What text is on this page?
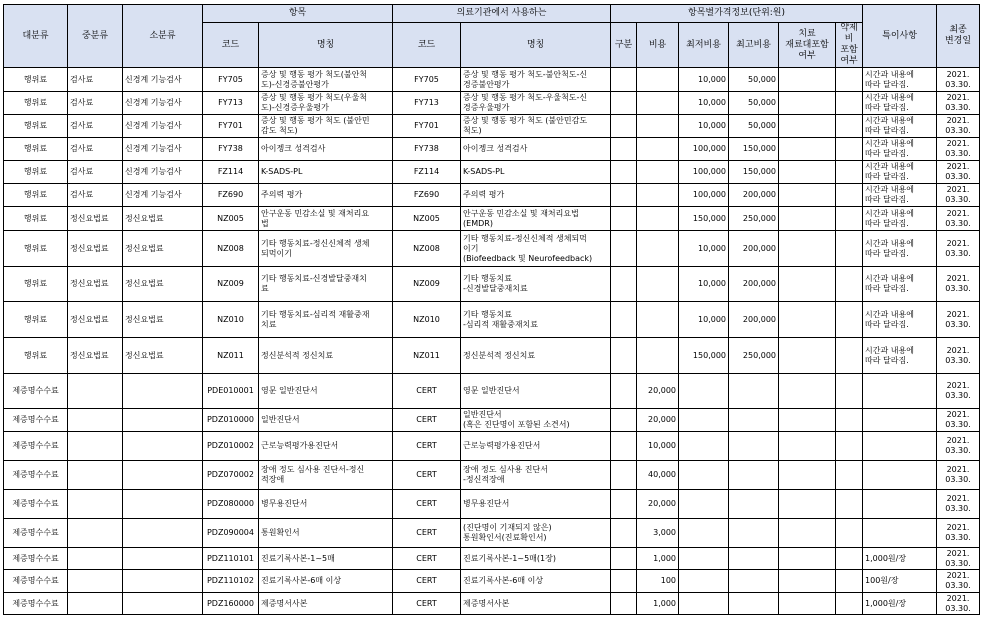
대분류	중분류	소분류	항목		의료기관에서 사용하는		항목별가격정보(단위:원)						특이사항	최종
변경일
			코드	명칭	코드	명칭	구분	비용	최저비용	최고비용	치료
재료대포함
여부	약제비
포함
여부		
행위료	검사료	신경계 기능검사	FY705	증상 및 행동 평가 척도(불안척
도)-신경증불안평가	FY705	증상 및 행동 평가 척도-불안척도-신
경증불안평가			10,000	50,000			시간과 내용에
따라 달라짐.	2021.
03.30.
행위료	검사료	신경계 기능검사	FY713	증상 및 행동 평가 척도(우울척
도)-신경증우울평가	FY713	증상 및 행동 평가 척도-우울척도-신
경증우울평가			10,000	50,000			시간과 내용에
따라 달라짐.	2021.
03.30.
행위료	검사료	신경계 기능검사	FY701	증상 및 행동 평가 척도 (불안민
감도 척도)	FY701	증상 및 행동 평가 척도 (불안민감도
척도)			10,000	50,000			시간과 내용에
따라 달라짐.	2021.
03.30.
행위료	검사료	신경계 기능검사	FY738	아이젱크 성격검사	FY738	아이젱크 성격검사			100,000	150,000			시간과 내용에
따라 달라짐.	2021.
03.30.
행위료	검사료	신경계 기능검사	FZ114	K-SADS-PL	FZ114	K-SADS-PL			100,000	150,000			시간과 내용에
따라 달라짐.	2021.
03.30.
행위료	검사료	신경계 기능검사	FZ690	주의력 평가	FZ690	주의력 평가			100,000	200,000			시간과 내용에
따라 달라짐.	2021.
03.30.
행위료	정신요법료	정신요법료	NZ005	안구운동 민감소실 및 재처리요
법	NZ005	안구운동 민감소실 및 재처리요법
(EMDR)			150,000	250,000			시간과 내용에
따라 달라짐.	2021.
03.30.
행위료	정신요법료	정신요법료	NZ008	기타 행동치료-정신신체적 생체
되먹이기	NZ008	기타 행동치료-정신신체적 생체되먹
이기
(Biofeedback 및 Neurofeedback)			10,000	200,000			시간과 내용에
따라 달라짐.	2021.
03.30.
행위료	정신요법료	정신요법료	NZ009	기타 행동치료-신경발달중재치
료	NZ009	기타 행동치료
-신경발달중재치료			10,000	200,000			시간과 내용에
따라 달라짐.	2021.
03.30.
행위료	정신요법료	정신요법료	NZ010	기타 행동치료-심리적 재활중재
치료	NZ010	기타 행동치료
-심리적 재활중재치료			10,000	200,000			시간과 내용에
따라 달라짐.	2021.
03.30.
행위료	정신요법료	정신요법료	NZ011	정신분석적 정신치료	NZ011	정신분석적 정신치료			150,000	250,000			시간과 내용에
따라 달라짐.	2021.
03.30.
제증명수수료			PDE010001	영문 일반진단서	CERT	영문 일반진단서		20,000						2021.
03.30.
제증명수수료			PDZ010000	일반진단서	CERT	일반진단서
(혹은 진단명이 포함된 소견서)		20,000						2021.
03.30.
제증명수수료			PDZ010002	근로능력평가용진단서	CERT	근로능력평가용진단서		10,000						2021.
03.30.
제증명수수료			PDZ070002	장애 정도 심사용 진단서-정신
적장애	CERT	장애 정도 심사용 진단서
-정신적장애		40,000						2021.
03.30.
제증명수수료			PDZ080000	병무용진단서	CERT	병무용진단서		20,000						2021.
03.30.
제증명수수료			PDZ090004	통원확인서	CERT	(진단명이 기재되지 않은)
통원확인서(진료확인서)		3,000						2021.
03.30.
제증명수수료			PDZ110101	진료기록사본-1~5매	CERT	진료기록사본-1~5매(1장)		1,000					1,000원/장	2021.
03.30.
제증명수수료			PDZ110102	진료기록사본-6매 이상	CERT	진료기록사본-6매 이상		100					100원/장	2021.
03.30.
제증명수수료			PDZ160000	제증명서사본	CERT	제증명서사본		1,000					1,000원/장	2021.
03.30.
